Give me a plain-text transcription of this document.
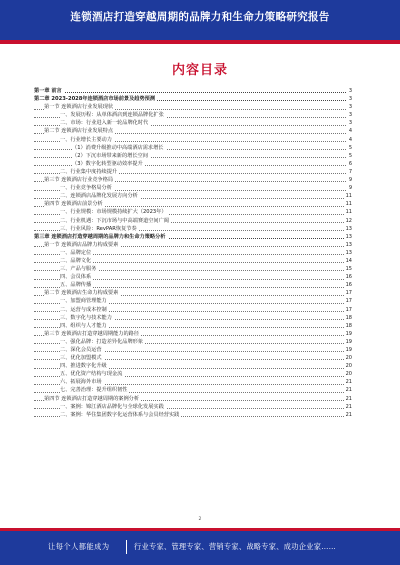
连锁酒店打造穿越周期的品牌力和生命力策略研究报告
内容目录
第一章 前言	3
第二章 2023-2028年连锁酒店市场前景及趋势预测	3
第一节 连锁酒店行业发展现状	3
一、发展历程：从单体酒店到连锁品牌化扩张	3
二、市场：行业进入新一轮品牌化时代	3
第二节 连锁酒店行业发展特点	4
一、行业增长主要动力	4
（1）消费升级推动中高端酒店需求增长	5
（2）下沉市场带来新的增长空间	5
（3）数字化转型驱动效率提升	6
二、行业集中度持续提升	7
第三节 连锁酒店行业竞争格局	9
一、行业竞争格局分析	9
二、连锁酒店品牌化发展方向分析	11
第四节 连锁酒店前景分析	11
一、行业规模：市场规模持续扩大（2023年）	11
二、行业机遇：下沉市场与中高端赛道空间广阔	12
三、行业风险：RevPAR恢复节奏	13
第三章 连锁酒店打造穿越周期的品牌力和生命力策略分析	13
第一节 连锁酒店品牌力构成要素	13
一、品牌定位	13
二、品牌文化	14
三、产品与服务	15
四、会员体系	16
五、品牌传播	16
第二节 连锁酒店生命力构成要素	17
一、加盟商管理能力	17
二、运营与成本控制	17
三、数字化与技术能力	18
四、组织与人才能力	18
第三节 连锁酒店打造穿越周期能力的路径	19
一、强化品牌：打造差异化品牌形象	19
二、深化会员运营	19
三、优化加盟模式	20
四、推进数字化升级	20
五、优化资产结构与现金流	20
六、拓展海外市场	21
七、完善治理：提升组织韧性	21
第四节 连锁酒店打造穿越周期的案例分析	21
一、案例：锦江酒店品牌化与全球化发展实践	21
二、案例：华住集团数字化运营体系与会员经营实践	21
2
让每个人都能成为	行业专家、管理专家、营销专家、战略专家、成功企业家……
